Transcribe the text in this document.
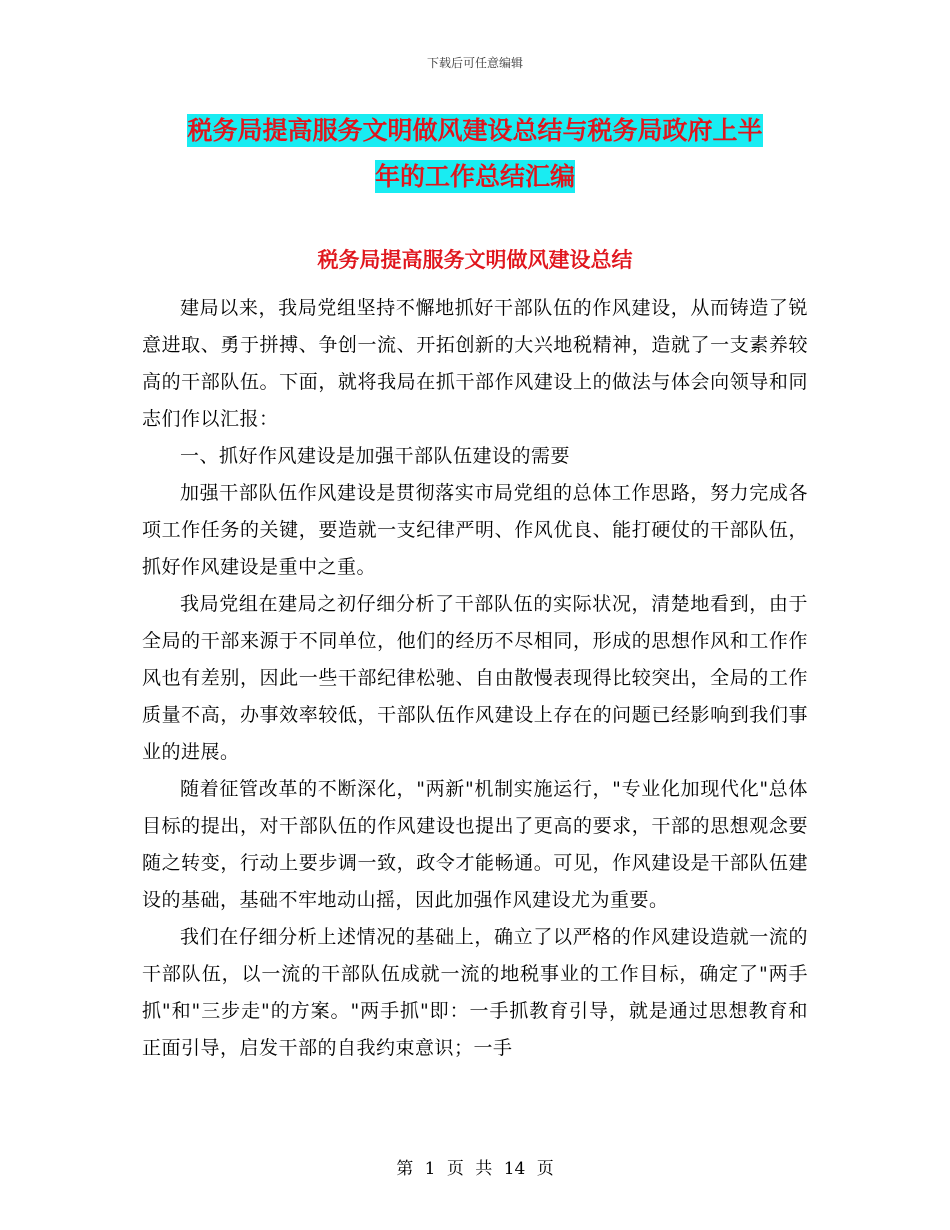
下载后可任意编辑
税务局提高服务文明做风建设总结与税务局政府上半
年的工作总结汇编
税务局提高服务文明做风建设总结

建局以来，我局党组坚持不懈地抓好干部队伍的作风建设，从而铸造了锐意进取、勇于拼搏、争创一流、开拓创新的大兴地税精神，造就了一支素养较高的干部队伍。下面，就将我局在抓干部作风建设上的做法与体会向领导和同志们作以汇报：

一、抓好作风建设是加强干部队伍建设的需要

加强干部队伍作风建设是贯彻落实市局党组的总体工作思路，努力完成各项工作任务的关键，要造就一支纪律严明、作风优良、能打硬仗的干部队伍，抓好作风建设是重中之重。

我局党组在建局之初仔细分析了干部队伍的实际状况，清楚地看到，由于全局的干部来源于不同单位，他们的经历不尽相同，形成的思想作风和工作作风也有差别，因此一些干部纪律松驰、自由散慢表现得比较突出，全局的工作质量不高，办事效率较低，干部队伍作风建设上存在的问题已经影响到我们事业的进展。

随着征管改革的不断深化，"两新"机制实施运行，"专业化加现代化"总体目标的提出，对干部队伍的作风建设也提出了更高的要求，干部的思想观念要随之转变，行动上要步调一致，政令才能畅通。可见，作风建设是干部队伍建设的基础，基础不牢地动山摇，因此加强作风建设尤为重要。

我们在仔细分析上述情况的基础上，确立了以严格的作风建设造就一流的干部队伍，以一流的干部队伍成就一流的地税事业的工作目标，确定了"两手抓"和"三步走"的方案。"两手抓"即：一手抓教育引导，就是通过思想教育和正面引导，启发干部的自我约束意识；一手

第 1 页 共 14 页
